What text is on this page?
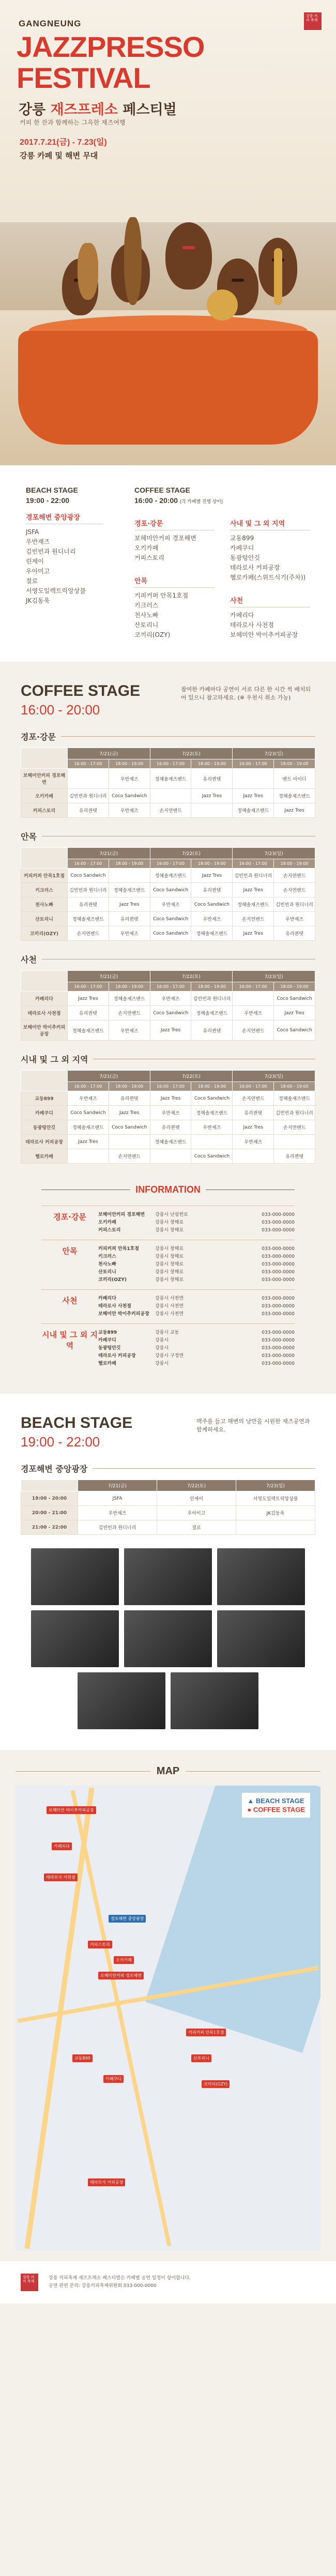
강릉 커피 축제
GANGNEUNG
JAZZPRESSO
FESTIVAL
강릉 재즈프레소 페스티벌
커피 한 잔과 함께하는 그윽한 재즈여행
2017.7.21(금) - 7.23(일)
강릉 카페 및 해변 무대
BEACH STAGE
19:00 - 22:00
경포해변 중앙광장
JSFA
우반재즈
김빈빈과 원디너리
린제이
우아미고
절로
서영도일렉트릭앙상블
JK김동욱
COFFEE STAGE
16:00 - 20:00 (각 카페별 진행 상이)
경포·강문
보헤미안커피 경포해변
오키카페
커피스토리
안목
커피커퍼 안목1호점
키크러스
천사노빠
산토리니
코끼리(OZY)
사내 및 그 외 지역
교동899
카페쿠디
동광텅안깃
테라로사 커피공장
헬로카페(스위트식기(주차))
사천
카페리다
테라로사 사천점
보헤미안 박이추커피공장
COFFEE STAGE
16:00 - 20:00
참여한 카페마다 공연이 서로 다른 한 시간 씩 배치되어 있으니 참고하세요. (※ 우천시 취소 가능)
경포·강문
	7/21(금)		7/22(토)		7/23(일)	
	16:00 - 17:00	18:00 - 19:00	16:00 - 17:00	18:00 - 19:00	16:00 - 17:00	18:00 - 19:00
보헤미안커피 경포해변		우반재즈	정혜솔재즈밴드	유리퀸텟		밴드 아이디
오키카페	김빈빈과 원디너리	Coco Sandwich		Jazz Tres	Jazz Tres	정혜솔재즈밴드
커피스토리	유리퀸텟	우반재즈	손지연밴드		정혜솔재즈밴드	Jazz Tres
안목
	7/21(금)		7/22(토)		7/23(일)	
	16:00 - 17:00	18:00 - 19:00	16:00 - 17:00	18:00 - 19:00	16:00 - 17:00	18:00 - 19:00
커피커퍼 안목1호점	Coco Sandwich		정혜솔재즈밴드	Jazz Tres	김빈빈과 원디너리	손지연밴드
키크러스	김빈빈과 원디너리	정혜솔재즈밴드	Coco Sandwich	유리퀸텟	Jazz Tres	손지연밴드
천사노빠	유리퀸텟	Jazz Tres	우반재즈	Coco Sandwich	정혜솔재즈밴드	김빈빈과 원디너리
산토리니	정혜솔재즈밴드	유리퀸텟	Coco Sandwich	우반재즈	손지연밴드	우반재즈
코끼리(OZY)	손지연밴드	우반재즈	Coco Sandwich	정혜솔재즈밴드	Jazz Tres	유리퀸텟
사천
	7/21(금)		7/22(토)		7/23(일)	
	16:00 - 17:00	18:00 - 19:00	16:00 - 17:00	18:00 - 19:00	16:00 - 17:00	18:00 - 19:00
카페리다	Jazz Tres	정혜솔재즈밴드	우반재즈	김빈빈과 원디너리		Coco Sandwich
테라로사 사천점	유리퀸텟	손지연밴드	Coco Sandwich	정혜솔재즈밴드	우반재즈	Jazz Tres
보헤미안 박이추커피공장	정혜솔재즈밴드	우반재즈	Jazz Tres	유리퀸텟	손지연밴드	Coco Sandwich
시내 및 그 외 지역
	7/21(금)		7/22(토)		7/23(일)	
	16:00 - 17:00	18:00 - 19:00	16:00 - 17:00	18:00 - 19:00	16:00 - 17:00	18:00 - 19:00
교동899	우반재즈	유리퀸텟	Jazz Tres	Coco Sandwich	손지연밴드	정혜솔재즈밴드
카페쿠디	Coco Sandwich	Jazz Tres	우반재즈	정혜솔재즈밴드	유리퀸텟	김빈빈과 원디너리
동광텅안깃	정혜솔재즈밴드	Coco Sandwich	유리퀸텟	우반재즈	Jazz Tres	손지연밴드
테라로사 커피공장	Jazz Tres		정혜솔재즈밴드		우반재즈	
헬로카페		손지연밴드		Coco Sandwich		유리퀸텟
INFORMATION
경포·강문	보헤미안커피 경포해변	강릉시 난설헌로	033-000-0000
오키카페	강릉시 창해로	033-000-0000
커피스토리	강릉시 창해로	033-000-0000
안목	커피커퍼 안목1호점	강릉시 창해로	033-000-0000
키크러스	강릉시 창해로	033-000-0000
천사노빠	강릉시 창해로	033-000-0000
산토리니	강릉시 창해로	033-000-0000
코끼리(OZY)	강릉시 창해로	033-000-0000
사천	카페리다	강릉시 사천면	033-000-0000
테라로사 사천점	강릉시 사천면	033-000-0000
보헤미안 박이추커피공장	강릉시 사천면	033-000-0000
시내 및 그 외 지역
교동899	강릉시 교동	033-000-0000
카페쿠디	강릉시	033-000-0000
동광텅안깃	강릉시	033-000-0000
테라로사 커피공장	강릉시 구정면	033-000-0000
헬로카페	강릉시	033-000-0000
BEACH STAGE
19:00 - 22:00
맥주를 들고 해변의 낭만을 시원한 재즈공연과 함께하세요.
경포해변 중앙광장
	7/21(금)	7/22(토)	7/23(일)
19:00 - 20:00	JSFA	린제이	서영도일렉트릭앙상블
20:00 - 21:00	우반재즈	우아미고	JK김동욱
21:00 - 22:00	김빈빈과 원디너리	절로	
MAP
▲ BEACH STAGE
● COFFEE STAGE
보헤미안 박이추커피공장
카페리다
테라로사 사천점
경포해변 중앙광장
커피스토리
오키카페
보헤미안커피 경포해변
교동899
카페쿠디
커피커퍼 안목1호점
산토리니
코끼리(OZY)
테라로사 커피공장
강릉 커피 축제
강릉 커피축제 재즈프레소 페스티벌은 카페별 공연 일정이 상이합니다.
공연 관련 문의: 강릉커피축제위원회 033-000-0000
